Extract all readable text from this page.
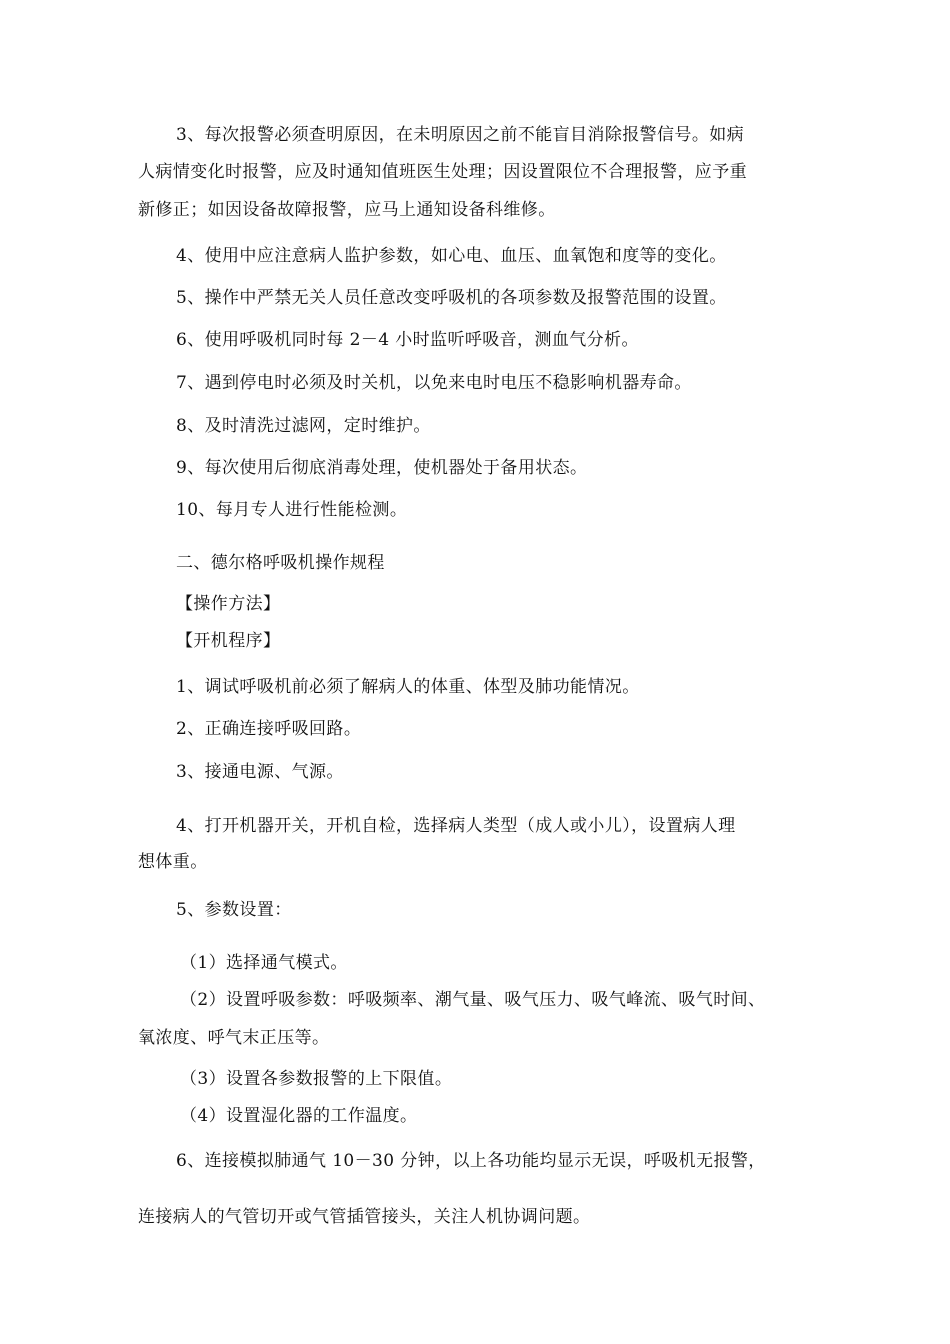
3、每次报警必须查明原因，在未明原因之前不能盲目消除报警信号。如病
人病情变化时报警，应及时通知值班医生处理；因设置限位不合理报警，应予重
新修正；如因设备故障报警，应马上通知设备科维修。
4、使用中应注意病人监护参数，如心电、血压、血氧饱和度等的变化。
5、操作中严禁无关人员任意改变呼吸机的各项参数及报警范围的设置。
6、使用呼吸机同时每 2－4 小时监听呼吸音，测血气分析。
7、遇到停电时必须及时关机，以免来电时电压不稳影响机器寿命。
8、及时清洗过滤网，定时维护。
9、每次使用后彻底消毒处理，使机器处于备用状态。
10、每月专人进行性能检测。
二、德尔格呼吸机操作规程
【操作方法】
【开机程序】
1、调试呼吸机前必须了解病人的体重、体型及肺功能情况。
2、正确连接呼吸回路。
3、接通电源、气源。
4、打开机器开关，开机自检，选择病人类型（成人或小儿），设置病人理
想体重。
5、参数设置：
（1）选择通气模式。
（2）设置呼吸参数：呼吸频率、潮气量、吸气压力、吸气峰流、吸气时间、
氧浓度、呼气末正压等。
（3）设置各参数报警的上下限值。
（4）设置湿化器的工作温度。
6、连接模拟肺通气 10－30 分钟，以上各功能均显示无误，呼吸机无报警，
连接病人的气管切开或气管插管接头，关注人机协调问题。
